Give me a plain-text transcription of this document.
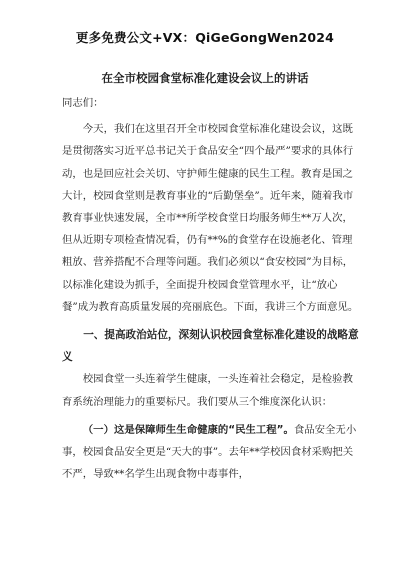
更多免费公文+VX：QiGeGongWen2024
在全市校园食堂标准化建设会议上的讲话

同志们：

今天，我们在这里召开全市校园食堂标准化建设会议，这既是贯彻落实习近平总书记关于食品安全“四个最严”要求的具体行动，也是回应社会关切、守护师生健康的民生工程。教育是国之大计，校园食堂则是教育事业的“后勤堡垒”。近年来，随着我市教育事业快速发展，全市**所学校食堂日均服务师生**万人次，但从近期专项检查情况看，仍有**%的食堂存在设施老化、管理粗放、营养搭配不合理等问题。我们必须以“食安校园”为目标，以标准化建设为抓手，全面提升校园食堂管理水平，让“放心餐”成为教育高质量发展的亮丽底色。下面，我讲三个方面意见。

一、提高政治站位，深刻认识校园食堂标准化建设的战略意义

校园食堂一头连着学生健康，一头连着社会稳定，是检验教育系统治理能力的重要标尺。我们要从三个维度深化认识：

（一）这是保障师生生命健康的“民生工程”。食品安全无小事，校园食品安全更是“天大的事”。去年**学校因食材采购把关不严，导致**名学生出现食物中毒事件，
